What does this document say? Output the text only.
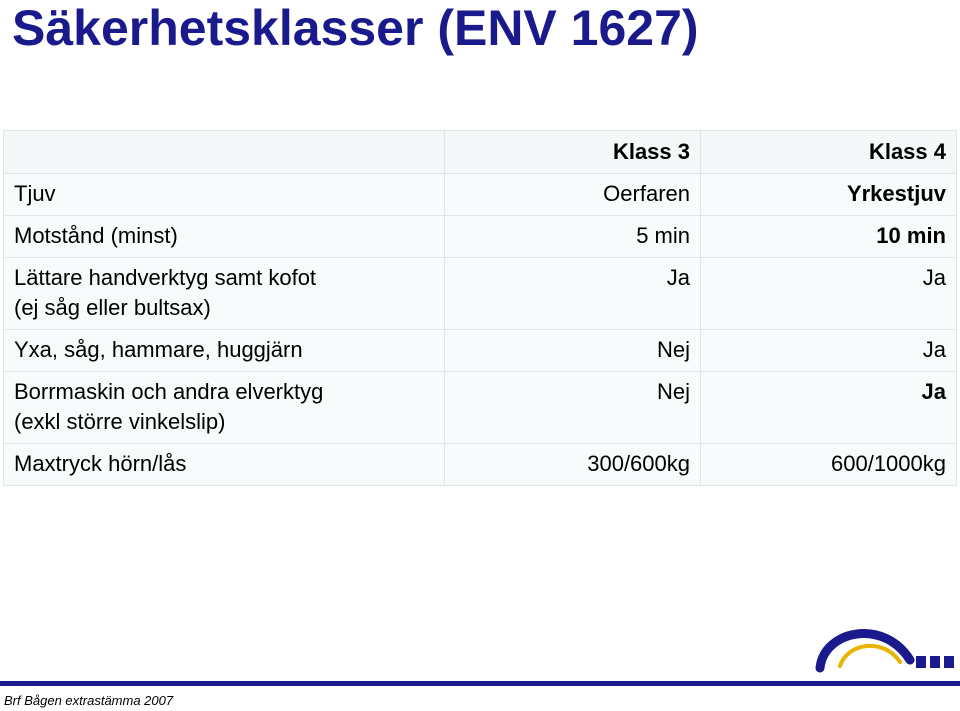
Säkerhetsklasser (ENV 1627)
	Klass 3	Klass 4

Tjuv	Oerfaren	Yrkestjuv

Motstånd (minst)	5 min	10 min

Lättare handverktyg samt kofot
(ej såg eller bultsax)	Ja	Ja

Yxa, såg, hammare, huggjärn	Nej	Ja

Borrmaskin och andra elverktyg
(exkl större vinkelslip)	Nej	Ja

Maxtryck hörn/lås	300/600kg	600/1000kg
Brf Bågen extrastämma 2007
